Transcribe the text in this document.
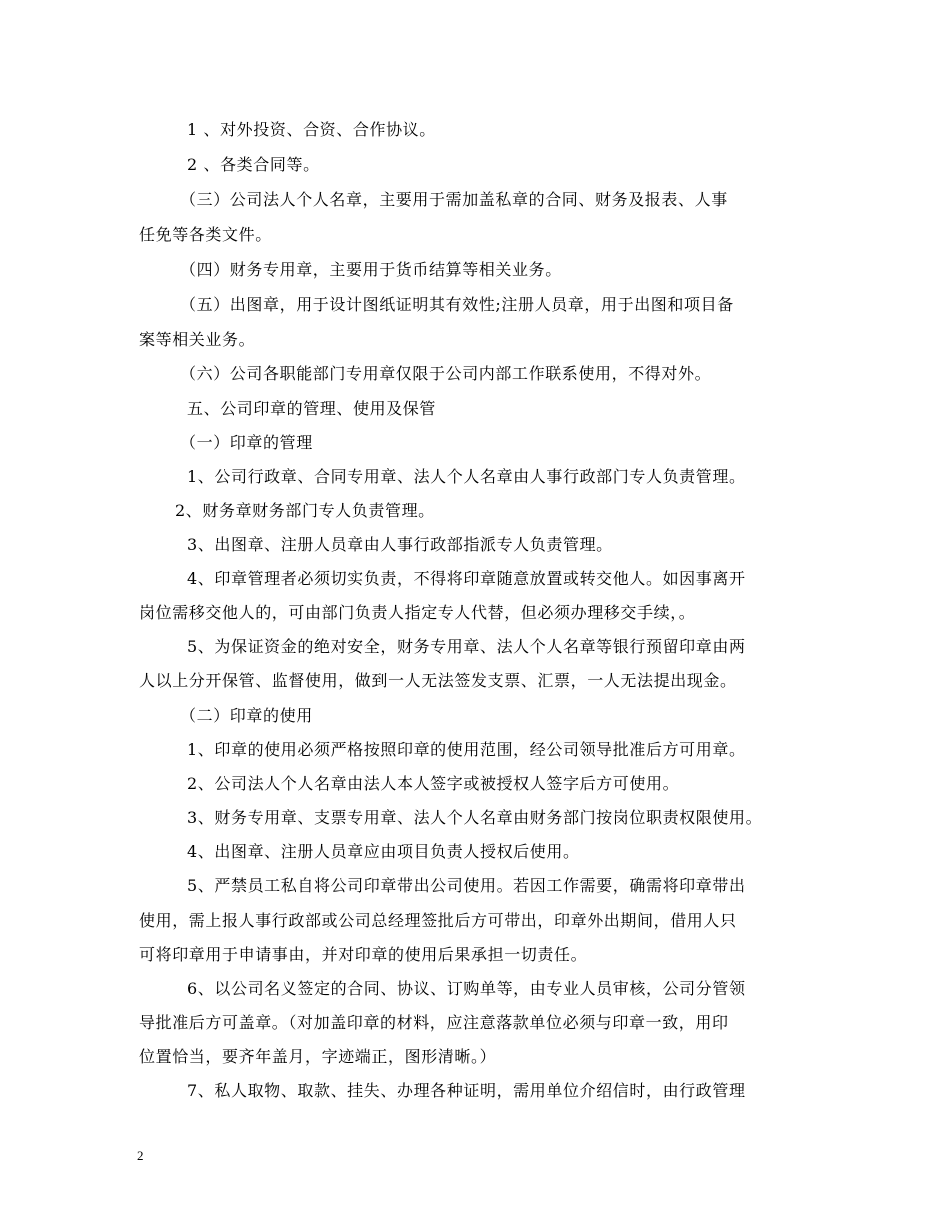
1 、对外投资、合资、合作协议。
2 、各类合同等。
（三）公司法人个人名章，主要用于需加盖私章的合同、财务及报表、人事
任免等各类文件。
（四）财务专用章，主要用于货币结算等相关业务。
（五）出图章，用于设计图纸证明其有效性;注册人员章，用于出图和项目备
案等相关业务。
（六）公司各职能部门专用章仅限于公司内部工作联系使用，不得对外。
五、公司印章的管理、使用及保管
（一）印章的管理
1、公司行政章、合同专用章、法人个人名章由人事行政部门专人负责管理。
2、财务章财务部门专人负责管理。
3、出图章、注册人员章由人事行政部指派专人负责管理。
4、印章管理者必须切实负责，不得将印章随意放置或转交他人。如因事离开
岗位需移交他人的，可由部门负责人指定专人代替，但必须办理移交手续，。
5、为保证资金的绝对安全，财务专用章、法人个人名章等银行预留印章由两
人以上分开保管、监督使用，做到一人无法签发支票、汇票，一人无法提出现金。
（二）印章的使用
1、印章的使用必须严格按照印章的使用范围，经公司领导批准后方可用章。
2、公司法人个人名章由法人本人签字或被授权人签字后方可使用。
3、财务专用章、支票专用章、法人个人名章由财务部门按岗位职责权限使用。
4、出图章、注册人员章应由项目负责人授权后使用。
5、严禁员工私自将公司印章带出公司使用。若因工作需要，确需将印章带出
使用，需上报人事行政部或公司总经理签批后方可带出，印章外出期间，借用人只
可将印章用于申请事由，并对印章的使用后果承担一切责任。
6、以公司名义签定的合同、协议、订购单等，由专业人员审核，公司分管领
导批准后方可盖章。（对加盖印章的材料，应注意落款单位必须与印章一致，用印
位置恰当，要齐年盖月，字迹端正，图形清晰。）
7、私人取物、取款、挂失、办理各种证明，需用单位介绍信时，由行政管理
2
